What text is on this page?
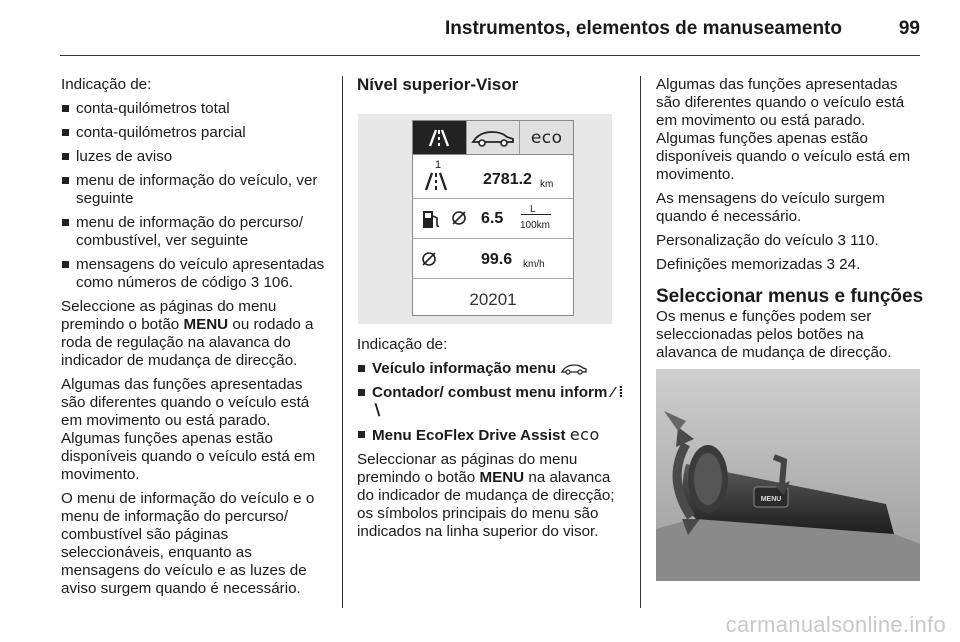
Instrumentos, elementos de manuseamento	99

Indicação de:

conta-quilómetros total
conta-quilómetros parcial
luzes de aviso
menu de informação do veículo, ver seguinte
menu de informação do percurso/ combustível, ver seguinte
mensagens do veículo apresentadas como números de código 3 106.

Seleccione as páginas do menu premindo o botão MENU ou rodado a roda de regulação na alavanca do indicador de mudança de direcção.

Algumas das funções apresentadas são diferentes quando o veículo está em movimento ou está parado. Algumas funções apenas estão disponíveis quando o veículo está em movimento.

O menu de informação do veículo e o menu de informação do percurso/ combustível são páginas seleccionáveis, enquanto as mensagens do veículo e as luzes de aviso surgem quando é necessário.

Nível superior-Visor
eco
1
2781.2 km
6.5
L
100km
99.6 km/h
20201

Indicação de:

Veículo informação menu
Contador/ combust menu inform ⁄ ⁞ ∖
Menu EcoFlex Drive Assist eco

Seleccionar as páginas do menu premindo o botão MENU na alavanca do indicador de mudança de direcção; os símbolos principais do menu são indicados na linha superior do visor.

Algumas das funções apresentadas são diferentes quando o veículo está em movimento ou está parado. Algumas funções apenas estão disponíveis quando o veículo está em movimento.

As mensagens do veículo surgem quando é necessário.

Personalização do veículo 3 110.

Definições memorizadas 3 24.

Seleccionar menus e funções

Os menus e funções podem ser seleccionadas pelos botões na alavanca de mudança de direcção.

MENU
carmanualsonline.info
